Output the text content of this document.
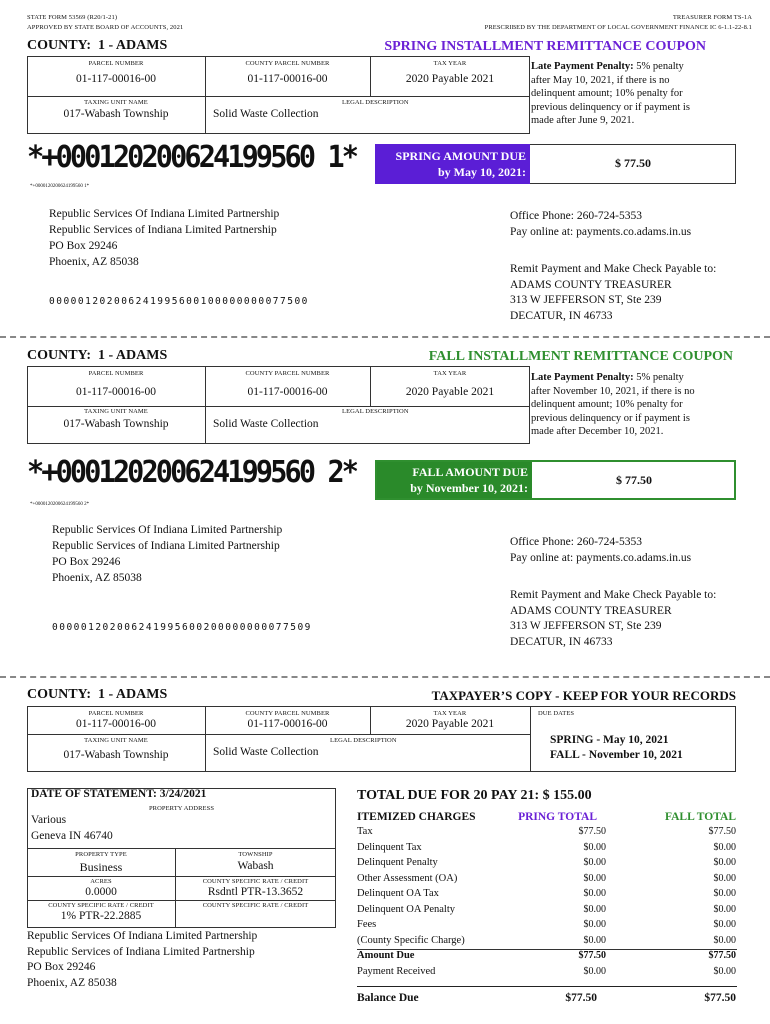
STATE FORM 53569 (R20/1-21)
APPROVED BY STATE BOARD OF ACCOUNTS, 2021
TREASURER FORM TS-1A
PRESCRIBED BY THE DEPARTMENT OF LOCAL GOVERNMENT FINANCE IC 6-1.1-22-8.1
COUNTY: 1 - ADAMS	SPRING INSTALLMENT REMITTANCE COUPON
PARCEL NUMBER	COUNTY PARCEL NUMBER	TAX YEAR
01-117-00016-00	01-117-00016-00	2020 Payable 2021
TAXING UNIT NAME	LEGAL DESCRIPTION
017-Wabash Township	Solid Waste Collection
Late Payment Penalty: 5% penalty
after May 10, 2021, if there is no
delinquent amount; 10% penalty for
previous delinquency or if payment is
made after June 9, 2021.
*+000120200624199560 1*
*+0000120200624199560 1*
SPRING AMOUNT DUE
by May 10, 2021:
$ 77.50
Republic Services Of Indiana Limited Partnership
Republic Services of Indiana Limited Partnership
PO Box 29246
Phoenix, AZ 85038
Office Phone: 260-724-5353
Pay online at: payments.co.adams.in.us
Remit Payment and Make Check Payable to:
ADAMS COUNTY TREASURER
313 W JEFFERSON ST, Ste 239
DECATUR, IN 46733
000001202006241995600100000000077500
COUNTY: 1 - ADAMS	FALL INSTALLMENT REMITTANCE COUPON
PARCEL NUMBER	COUNTY PARCEL NUMBER	TAX YEAR
01-117-00016-00	01-117-00016-00	2020 Payable 2021
TAXING UNIT NAME	LEGAL DESCRIPTION
017-Wabash Township	Solid Waste Collection
Late Payment Penalty: 5% penalty
after November 10, 2021, if there is no
delinquent amount; 10% penalty for
previous delinquency or if payment is
made after December 10, 2021.
*+000120200624199560 2*
*+0000120200624199560 2*
FALL AMOUNT DUE
by November 10, 2021:
$ 77.50
Republic Services Of Indiana Limited Partnership
Republic Services of Indiana Limited Partnership
PO Box 29246
Phoenix, AZ 85038
Office Phone: 260-724-5353
Pay online at: payments.co.adams.in.us
Remit Payment and Make Check Payable to:
ADAMS COUNTY TREASURER
313 W JEFFERSON ST, Ste 239
DECATUR, IN 46733
000001202006241995600200000000077509
COUNTY: 1 - ADAMS	TAXPAYER’S COPY - KEEP FOR YOUR RECORDS
PARCEL NUMBER	COUNTY PARCEL NUMBER	TAX YEAR	DUE DATES
01-117-00016-00	01-117-00016-00	2020 Payable 2021
TAXING UNIT NAME	LEGAL DESCRIPTION
017-Wabash Township	Solid Waste Collection
SPRING - May 10, 2021
FALL - November 10, 2021
DATE OF STATEMENT: 3/24/2021
PROPERTY ADDRESS
Various
Geneva IN 46740
PROPERTY TYPE	TOWNSHIP
Business	Wabash
ACRES	COUNTY SPECIFIC RATE / CREDIT
0.0000	Rsdntl PTR-13.3652
COUNTY SPECIFIC RATE / CREDIT	COUNTY SPECIFIC RATE / CREDIT
1% PTR-22.2885
Republic Services Of Indiana Limited Partnership
Republic Services of Indiana Limited Partnership
PO Box 29246
Phoenix, AZ 85038
TOTAL DUE FOR 20 PAY 21: $ 155.00
ITEMIZED CHARGES	PRING TOTAL	FALL TOTAL
Tax	$77.50	$77.50
Delinquent Tax	$0.00	$0.00
Delinquent Penalty	$0.00	$0.00
Other Assessment (OA)	$0.00	$0.00
Delinquent OA Tax	$0.00	$0.00
Delinquent OA Penalty	$0.00	$0.00
Fees	$0.00	$0.00
(County Specific Charge)	$0.00	$0.00
Amount Due	$77.50	$77.50
Payment Received	$0.00	$0.00
Balance Due	$77.50	$77.50
